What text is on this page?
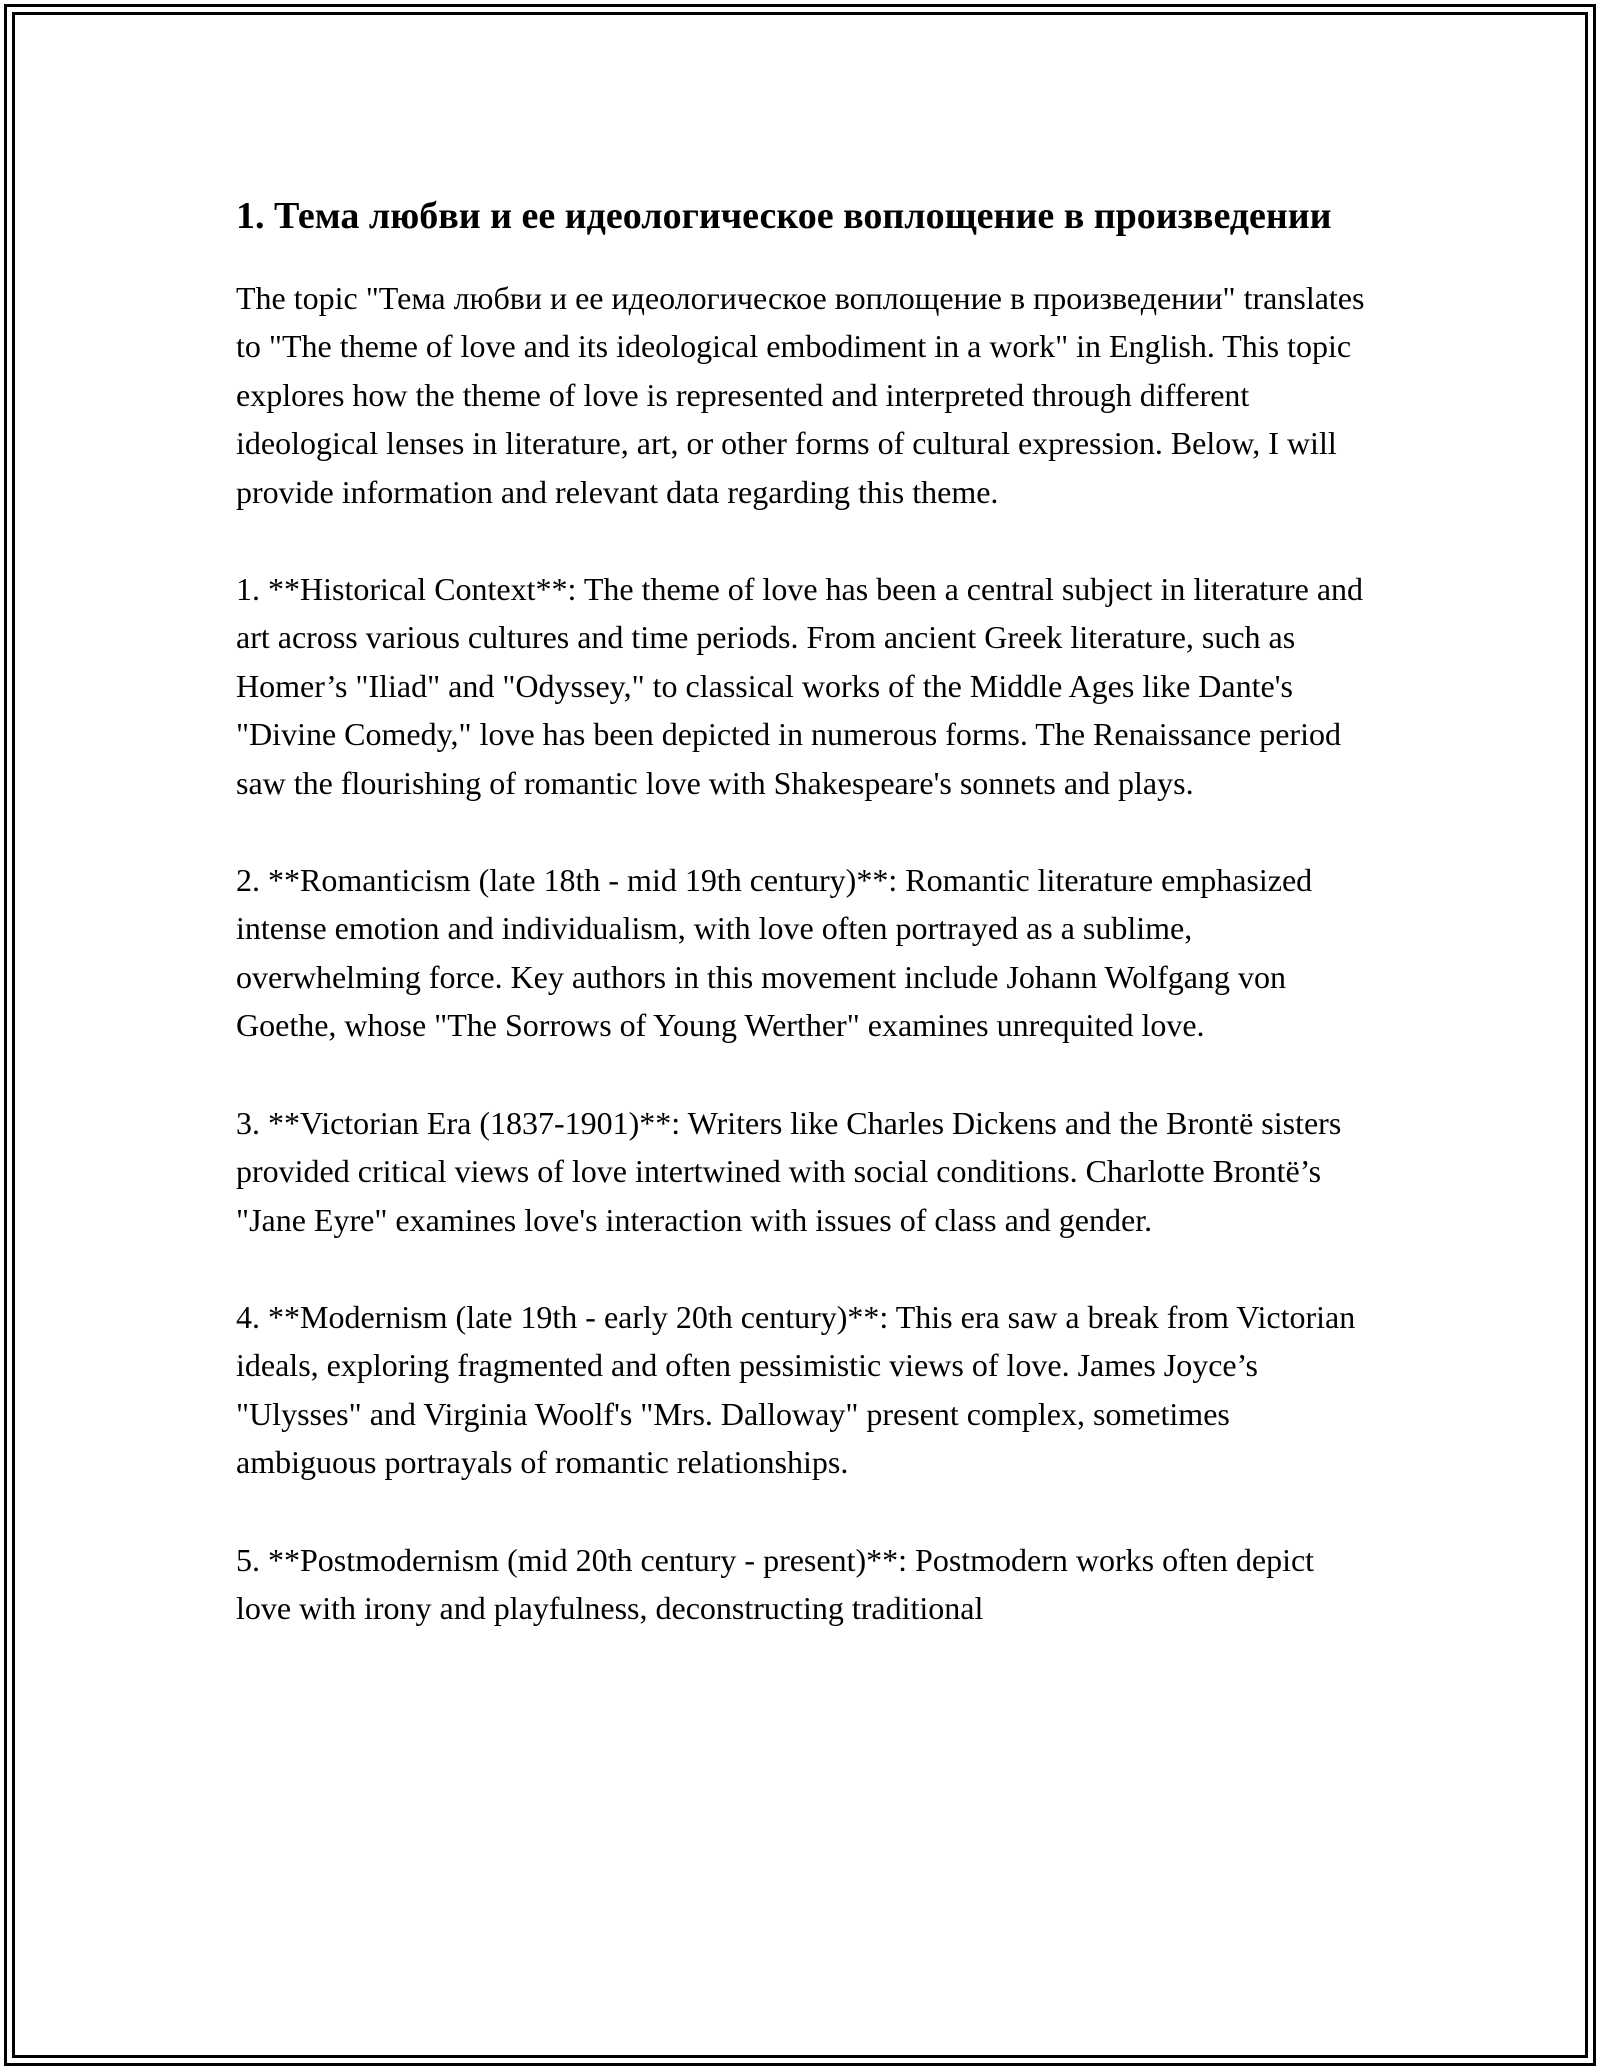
1. Тема любви и ее идеологическое воплощение в произведении

The topic "Тема любви и ее идеологическое воплощение в произведении" translates to "The theme of love and its ideological embodiment in a work" in English. This topic explores how the theme of love is represented and interpreted through different ideological lenses in literature, art, or other forms of cultural expression. Below, I will provide information and relevant data regarding this theme.

1. **Historical Context**: The theme of love has been a central subject in literature and art across various cultures and time periods. From ancient Greek literature, such as Homer’s "Iliad" and "Odyssey," to classical works of the Middle Ages like Dante's "Divine Comedy," love has been depicted in numerous forms. The Renaissance period saw the flourishing of romantic love with Shakespeare's sonnets and plays.

2. **Romanticism (late 18th - mid 19th century)**: Romantic literature emphasized intense emotion and individualism, with love often portrayed as a sublime, overwhelming force. Key authors in this movement include Johann Wolfgang von Goethe, whose "The Sorrows of Young Werther" examines unrequited love.

3. **Victorian Era (1837-1901)**: Writers like Charles Dickens and the Brontë sisters provided critical views of love intertwined with social conditions. Charlotte Brontë’s "Jane Eyre" examines love's interaction with issues of class and gender.

4. **Modernism (late 19th - early 20th century)**: This era saw a break from Victorian ideals, exploring fragmented and often pessimistic views of love. James Joyce’s "Ulysses" and Virginia Woolf's "Mrs. Dalloway" present complex, sometimes ambiguous portrayals of romantic relationships.

5. **Postmodernism (mid 20th century - present)**: Postmodern works often depict love with irony and playfulness, deconstructing traditional
